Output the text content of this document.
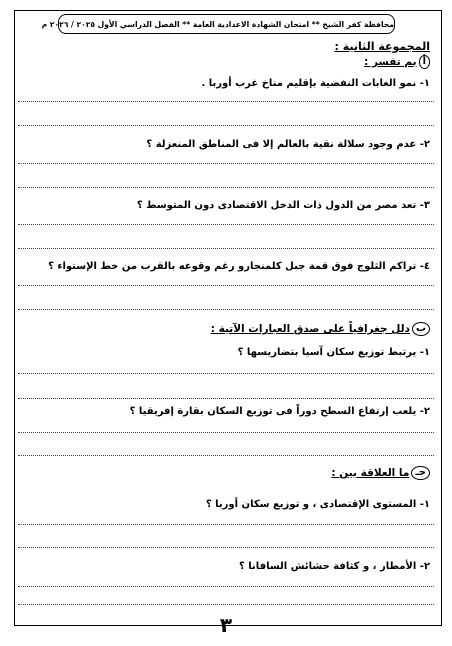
محافظة كفر الشيخ ** امتحان الشهادة الاعدادية العامة ** الفصل الدراسي الأول ٢٠٢٥ / ٢٠٢٦ م
المجموعة الثانية :
أ
بم تفسر :
١- نمو الغابات النفضية بإقليم مناخ غرب أوربا .
٢- عدم وجود سلالة نقية بالعالم إلا فى المناطق المنعزلة ؟
٣- تعد مصر من الدول ذات الدخل الاقتصادى دون المتوسط ؟
٤- تراكم الثلوج فوق قمة جبل كلمنجارو رغم وقوعه بالقرب من خط الإستواء ؟
ب
دلل جغرافياً على صدق العبارات الآتية :
١- يرتبط توزيع سكان آسيا بتضاريسها ؟
٢- يلعب إرتفاع السطح دوراً فى توزيع السكان بقارة إفريقيا ؟
جـ
ما العلاقة بين :
١- المستوى الإقتصادى ، و توزيع سكان أوربا ؟
٢- الأمطار ، و كثافة حشائش السافانا ؟
٣
